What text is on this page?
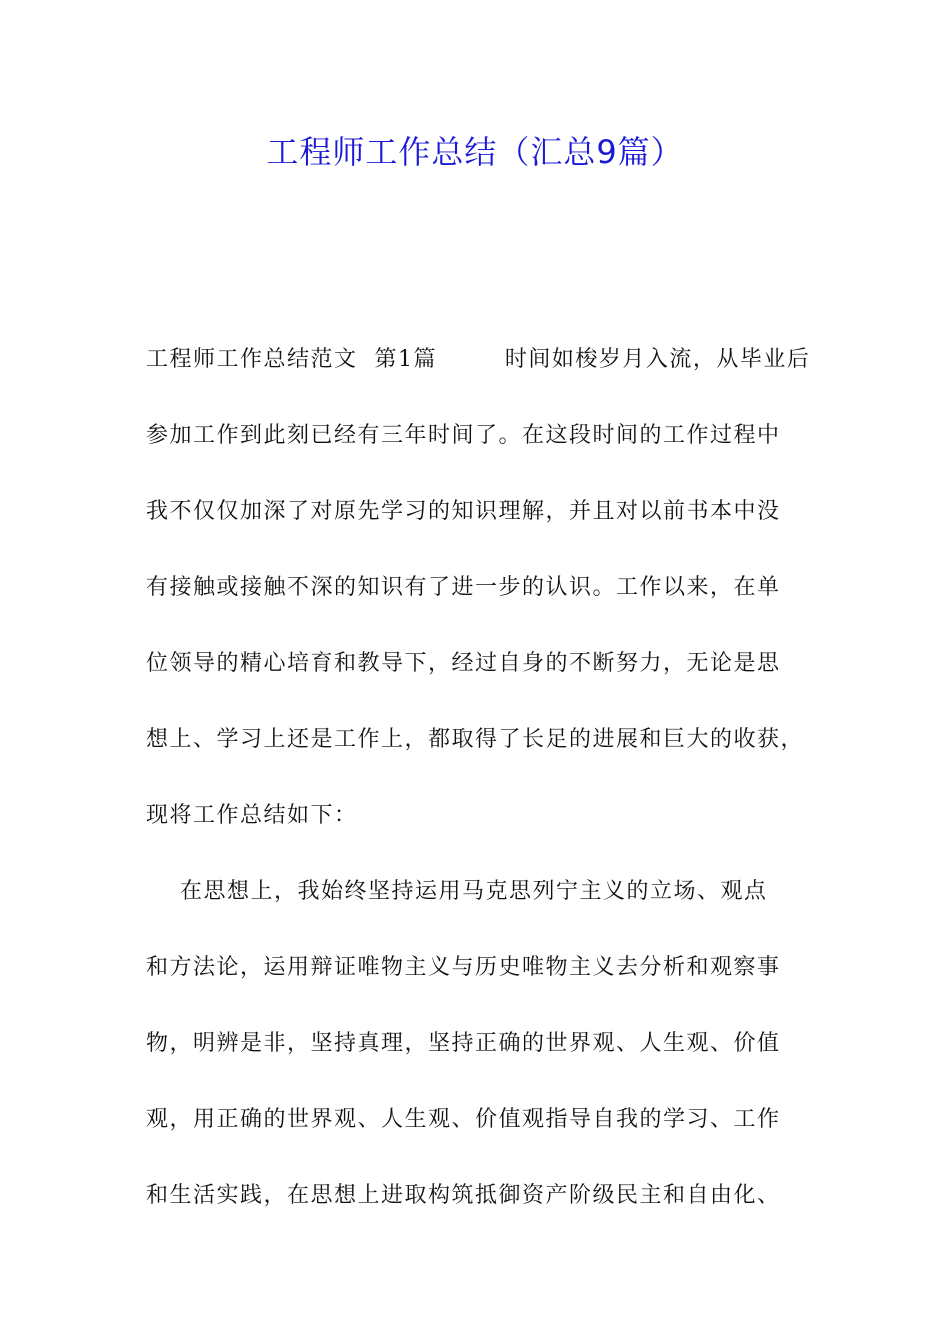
工程师工作总结（汇总9篇）
工程师工作总结范文  第1篇        时间如梭岁月入流，从毕业后
参加工作到此刻已经有三年时间了。在这段时间的工作过程中
我不仅仅加深了对原先学习的知识理解，并且对以前书本中没
有接触或接触不深的知识有了进一步的认识。工作以来，在单
位领导的精心培育和教导下，经过自身的不断努力，无论是思
想上、学习上还是工作上，都取得了长足的进展和巨大的收获，
现将工作总结如下：
在思想上，我始终坚持运用马克思列宁主义的立场、观点
和方法论，运用辩证唯物主义与历史唯物主义去分析和观察事
物，明辨是非，坚持真理，坚持正确的世界观、人生观、价值
观，用正确的世界观、人生观、价值观指导自我的学习、工作
和生活实践，在思想上进取构筑抵御资产阶级民主和自由化、
